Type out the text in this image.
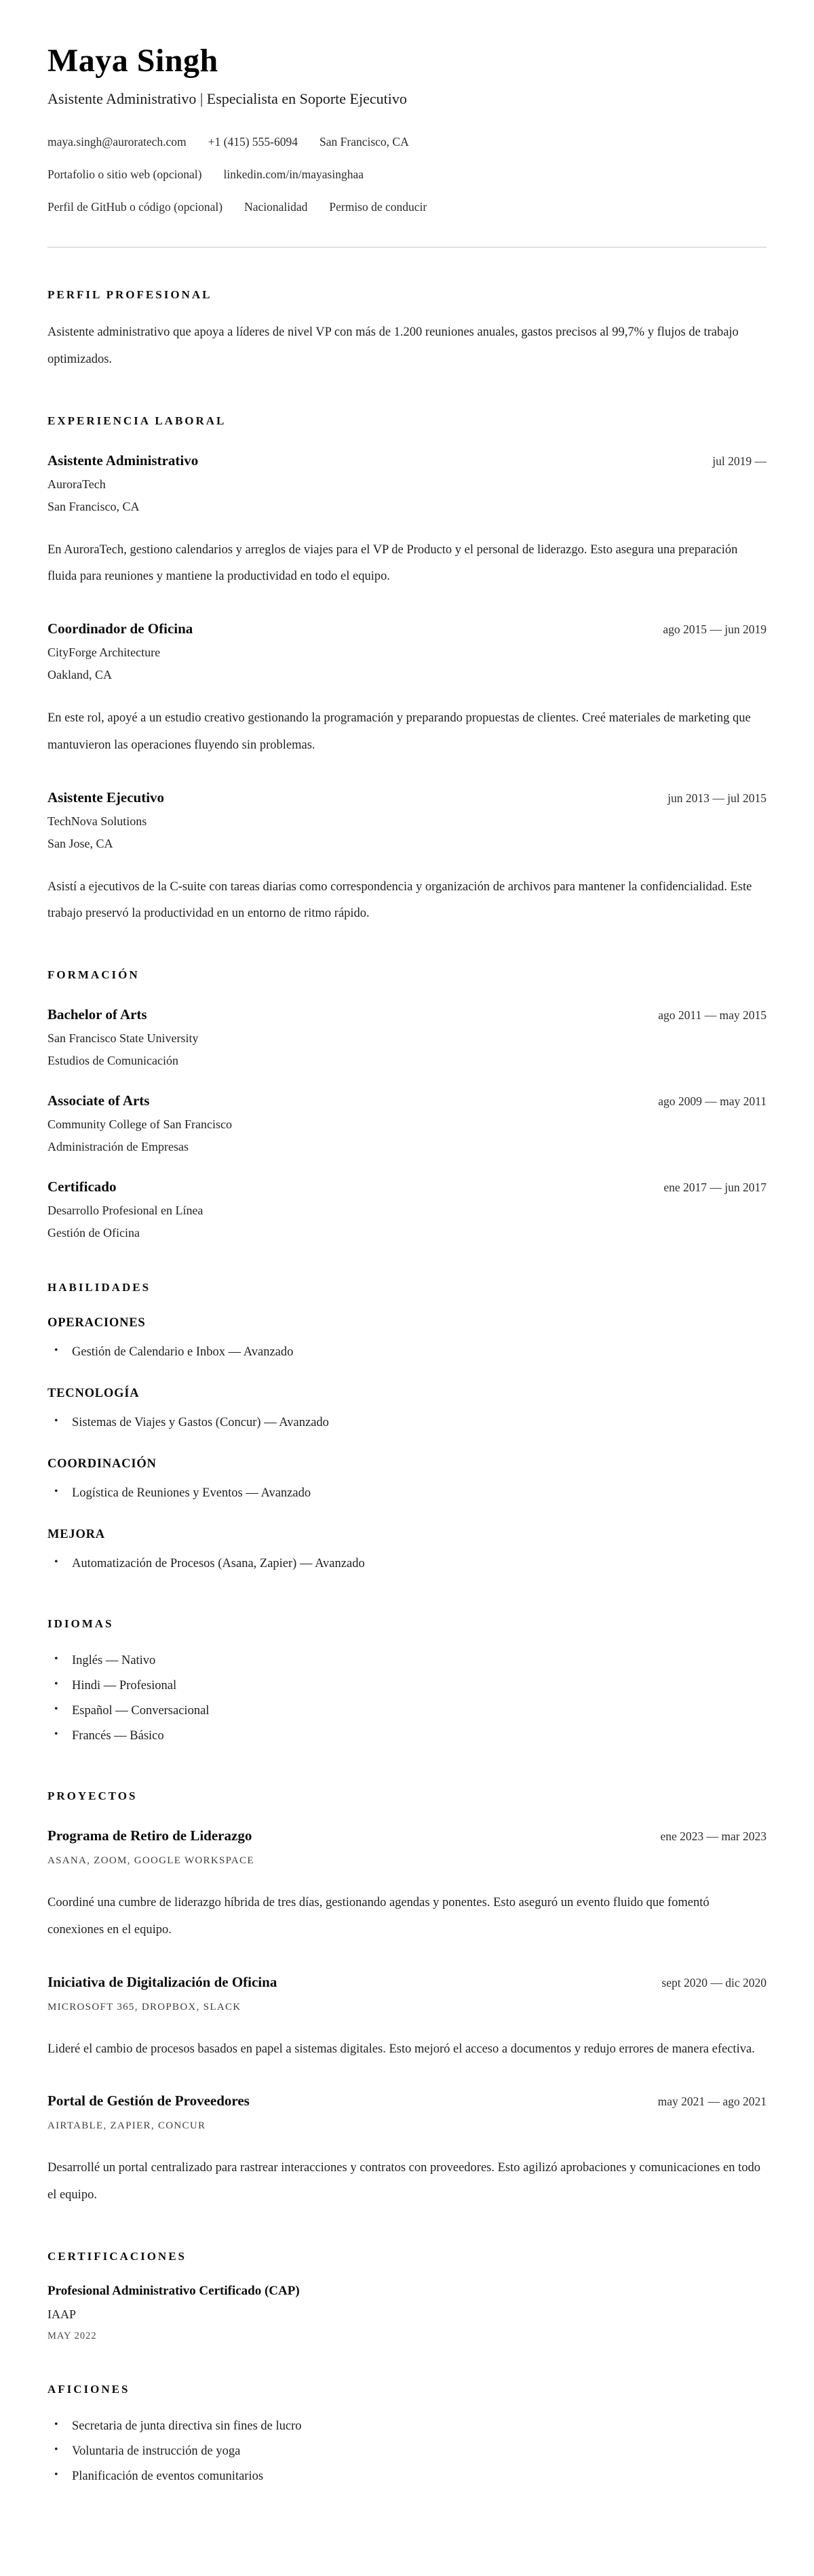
Maya Singh
Asistente Administrativo | Especialista en Soporte Ejecutivo
maya.singh@auroratech.com +1 (415) 555-6094 San Francisco, CA
Portafolio o sitio web (opcional) linkedin.com/in/mayasinghaa
Perfil de GitHub o código (opcional) Nacionalidad Permiso de conducir
PERFIL PROFESIONAL

Asistente administrativo que apoya a líderes de nivel VP con más de 1.200 reuniones anuales, gastos precisos al 99,7% y flujos de trabajo optimizados.

EXPERIENCIA LABORAL
Asistente Administrativo	jul 2019 —
AuroraTech
San Francisco, CA

En AuroraTech, gestiono calendarios y arreglos de viajes para el VP de Producto y el personal de liderazgo. Esto asegura una preparación fluida para reuniones y mantiene la productividad en todo el equipo.

Coordinador de Oficina	ago 2015 — jun 2019
CityForge Architecture
Oakland, CA

En este rol, apoyé a un estudio creativo gestionando la programación y preparando propuestas de clientes. Creé materiales de marketing que mantuvieron las operaciones fluyendo sin problemas.

Asistente Ejecutivo	jun 2013 — jul 2015
TechNova Solutions
San Jose, CA

Asistí a ejecutivos de la C-suite con tareas diarias como correspondencia y organización de archivos para mantener la confidencialidad. Este trabajo preservó la productividad en un entorno de ritmo rápido.

FORMACIÓN
Bachelor of Arts	ago 2011 — may 2015
San Francisco State University
Estudios de Comunicación
Associate of Arts	ago 2009 — may 2011
Community College of San Francisco
Administración de Empresas
Certificado	ene 2017 — jun 2017
Desarrollo Profesional en Línea
Gestión de Oficina
HABILIDADES
OPERACIONES
• Gestión de Calendario e Inbox — Avanzado
TECNOLOGÍA
• Sistemas de Viajes y Gastos (Concur) — Avanzado
COORDINACIÓN
• Logística de Reuniones y Eventos — Avanzado
MEJORA
• Automatización de Procesos (Asana, Zapier) — Avanzado
IDIOMAS
• Inglés — Nativo
• Hindi — Profesional
• Español — Conversacional
• Francés — Básico
PROYECTOS
Programa de Retiro de Liderazgo	ene 2023 — mar 2023
ASANA, ZOOM, GOOGLE WORKSPACE

Coordiné una cumbre de liderazgo híbrida de tres días, gestionando agendas y ponentes. Esto aseguró un evento fluido que fomentó conexiones en el equipo.

Iniciativa de Digitalización de Oficina	sept 2020 — dic 2020
MICROSOFT 365, DROPBOX, SLACK

Lideré el cambio de procesos basados en papel a sistemas digitales. Esto mejoró el acceso a documentos y redujo errores de manera efectiva.

Portal de Gestión de Proveedores	may 2021 — ago 2021
AIRTABLE, ZAPIER, CONCUR

Desarrollé un portal centralizado para rastrear interacciones y contratos con proveedores. Esto agilizó aprobaciones y comunicaciones en todo el equipo.

CERTIFICACIONES
Profesional Administrativo Certificado (CAP)
IAAP
MAY 2022
AFICIONES
• Secretaria de junta directiva sin fines de lucro
• Voluntaria de instrucción de yoga
• Planificación de eventos comunitarios
